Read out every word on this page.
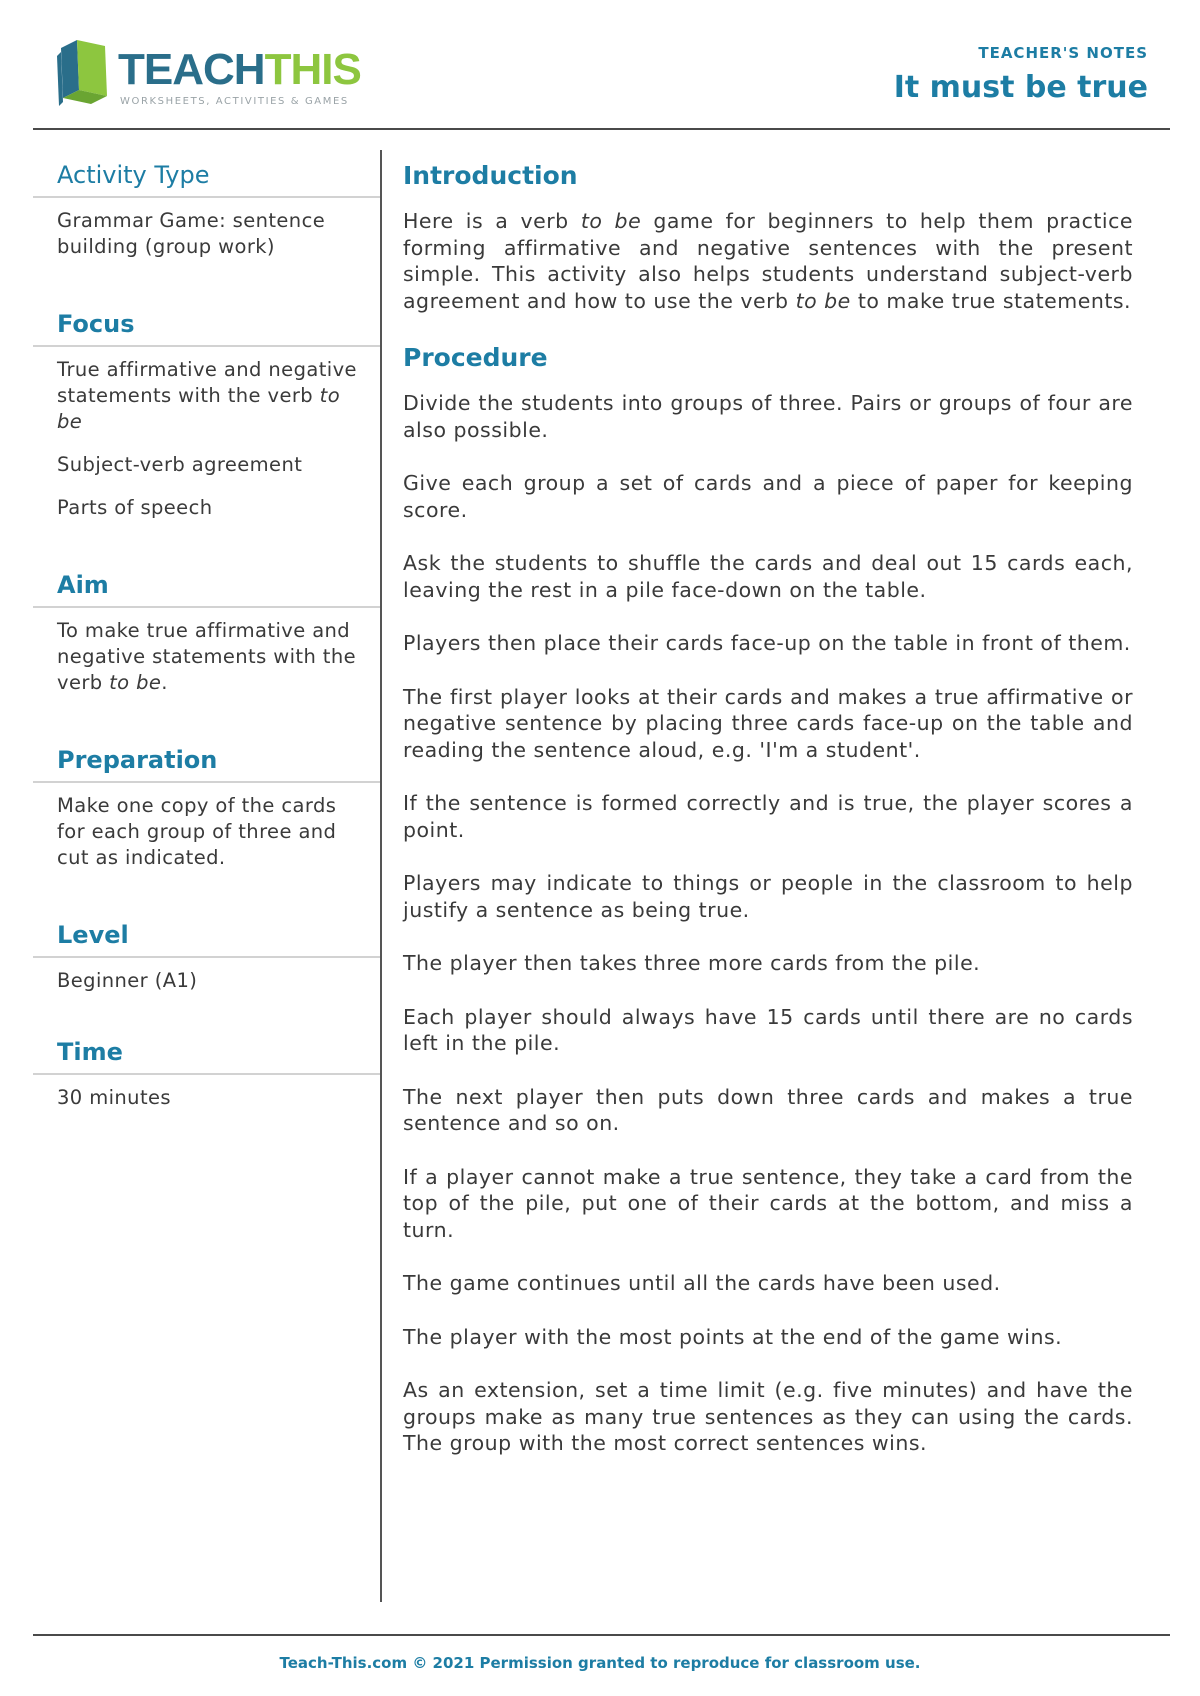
TEACHTHIS
WORKSHEETS, ACTIVITIES & GAMES
TEACHER'S NOTES
It must be true
Activity Type

Grammar Game: sentence building (group work)

Focus

True affirmative and negative statements with the verb to be

Subject-verb agreement

Parts of speech

Aim

To make true affirmative and negative statements with the verb to be.

Preparation

Make one copy of the cards for each group of three and cut as indicated.

Level

Beginner (A1)

Time

30 minutes

Introduction

Here is a verb to be game for beginners to help them practice forming affirmative and negative sentences with the present simple. This activity also helps students understand subject-verb agreement and how to use the verb to be to make true statements.

Procedure

Divide the students into groups of three. Pairs or groups of four are also possible.

Give each group a set of cards and a piece of paper for keeping score.

Ask the students to shuffle the cards and deal out 15 cards each, leaving the rest in a pile face-down on the table.

Players then place their cards face-up on the table in front of them.

The first player looks at their cards and makes a true affirmative or negative sentence by placing three cards face-up on the table and reading the sentence aloud, e.g. 'I'm a student'.

If the sentence is formed correctly and is true, the player scores a point.

Players may indicate to things or people in the classroom to help justify a sentence as being true.

The player then takes three more cards from the pile.

Each player should always have 15 cards until there are no cards left in the pile.

The next player then puts down three cards and makes a true sentence and so on.

If a player cannot make a true sentence, they take a card from the top of the pile, put one of their cards at the bottom, and miss a turn.

The game continues until all the cards have been used.

The player with the most points at the end of the game wins.

As an extension, set a time limit (e.g. five minutes) and have the groups make as many true sentences as they can using the cards. The group with the most correct sentences wins.

Teach-This.com © 2021 Permission granted to reproduce for classroom use.
